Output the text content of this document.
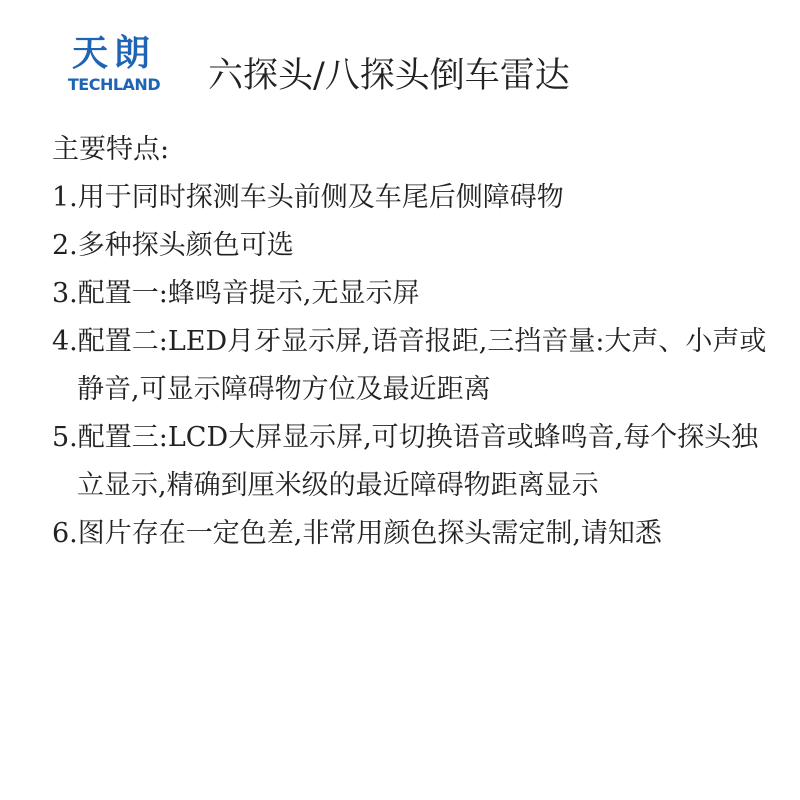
天朗
TECHLAND 六探头/八探头倒车雷达
主要特点:
1. 用于同时探测车头前侧及车尾后侧障碍物
2. 多种探头颜色可选
3. 配置一:蜂鸣音提示,无显示屏
4.配置二:LED月牙显示屏,语音报距,三挡音量:大声、小声或静音,可显示障碍物方位及最近距离
5.配置三:LCD大屏显示屏,可切换语音或蜂鸣音,每个探头独立显示,精确到厘米级的最近障碍物距离显示
6.图片存在一定色差,非常用颜色探头需定制,请知悉
